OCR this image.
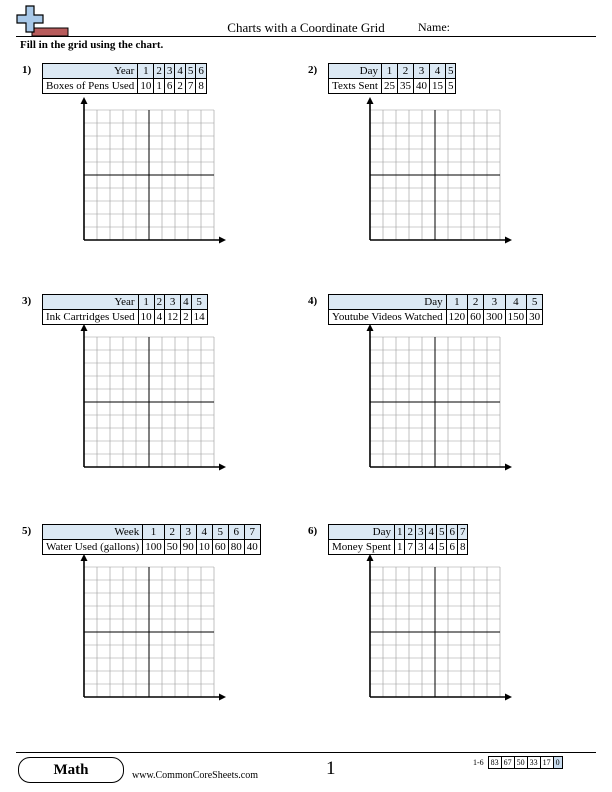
Charts with a Coordinate Grid	Name:
Fill in the grid using the chart.
1)	Year	1	2	3	4	5	6
Boxes of Pens Used	10	1	6	2	7	8
2)	Day	1	2	3	4	5
Texts Sent	25	35	40	15	5
3)	Year	1	2	3	4	5
Ink Cartridges Used	10	4	12	2	14
4)	Day	1	2	3	4	5
Youtube Videos Watched	120	60	300	150	30
5)	Week	1	2	3	4	5	6	7
Water Used (gallons)	100	50	90	10	60	80	40
6)	Day	1	2	3	4	5	6	7
Money Spent	1	7	3	4	5	6	8
Math	www.CommonCoreSheets.com	1	1-6	83	67	50	33	17	0
